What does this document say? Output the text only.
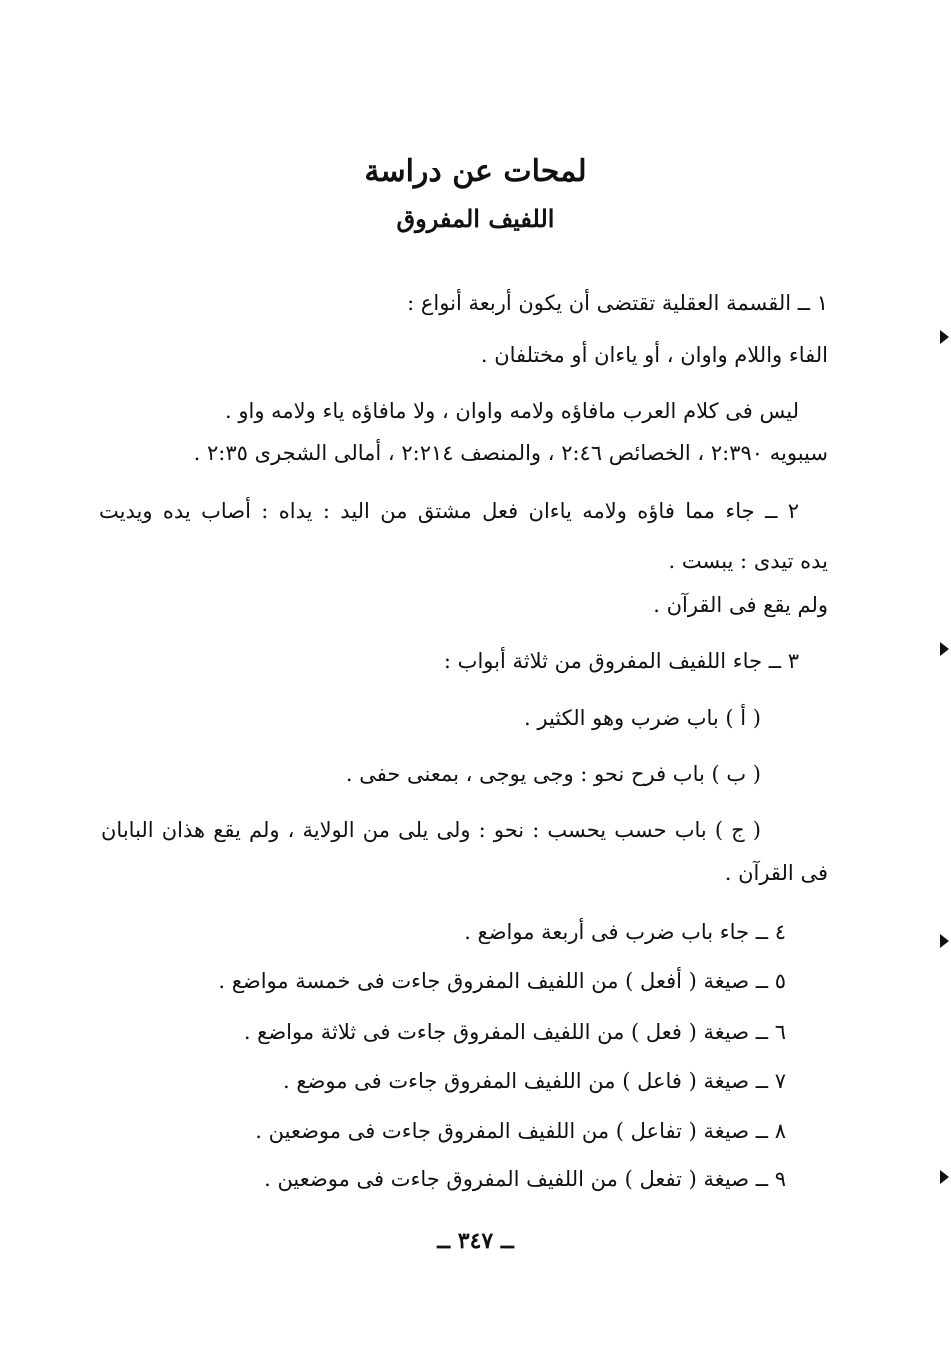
لمحات عن دراسة
اللفيف المفروق
١ ــ القسمة العقلية تقتضى أن يكون أربعة أنواع :
الفاء واللام واوان ، أو ياءان أو مختلفان .
ليس فى كلام العرب مافاؤه ولامه واوان ، ولا مافاؤه ياء ولامه واو .
سيبويه ٢:٣٩٠ ، الخصائص ٢:٤٦ ، والمنصف ٢:٢١٤ ، أمالى الشجرى ٢:٣٥ .
٢ ــ جاء مما فاؤه ولامه ياءان فعل مشتق من اليد : يداه : أصاب يده ويديت
يده تيدى : يبست .
ولم يقع فى القرآن .
٣ ــ جاء اللفيف المفروق من ثلاثة أبواب :
( أ ) باب ضرب وهو الكثير .
( ب ) باب فرح نحو : وجى يوجى ، بمعنى حفى .
( ج ) باب حسب يحسب : نحو : ولى يلى من الولاية ، ولم يقع هذان البابان
فى القرآن .
٤ ــ جاء باب ضرب فى أربعة مواضع .
٥ ــ صيغة ( أفعل ) من اللفيف المفروق جاءت فى خمسة مواضع .
٦ ــ صيغة ( فعل ) من اللفيف المفروق جاءت فى ثلاثة مواضع .
٧ ــ صيغة ( فاعل ) من اللفيف المفروق جاءت فى موضع .
٨ ــ صيغة ( تفاعل ) من اللفيف المفروق جاءت فى موضعين .
٩ ــ صيغة ( تفعل ) من اللفيف المفروق جاءت فى موضعين .
ــ ٣٤٧ ــ
